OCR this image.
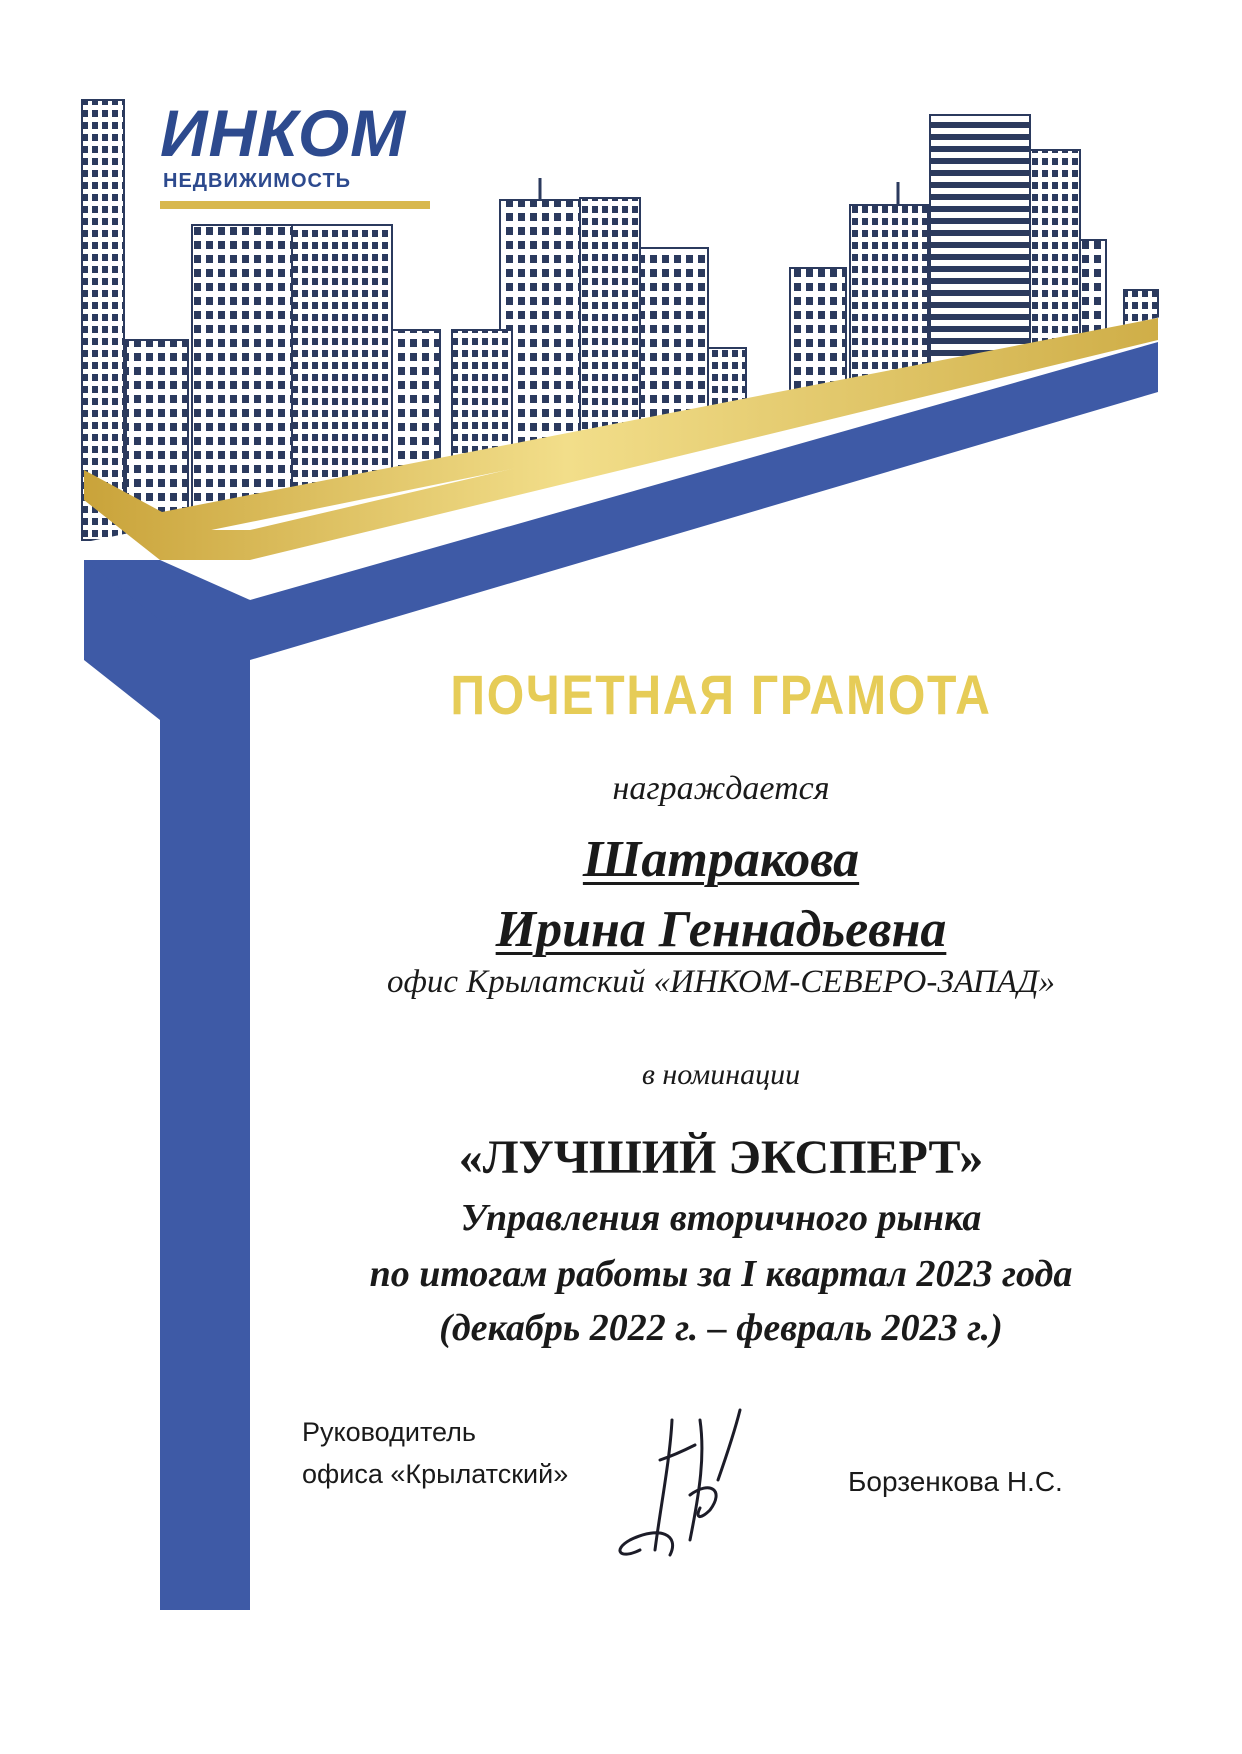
ИНКОМ
НЕДВИЖИМОСТЬ
ПОЧЕТНАЯ ГРАМОТА
награждается
Шатракова
Ирина Геннадьевна
офис Крылатский «ИНКОМ-СЕВЕРО-ЗАПАД»
в номинации
«ЛУЧШИЙ ЭКСПЕРТ»
Управления вторичного рынка
по итогам работы за I квартал 2023 года
(декабрь 2022 г. – февраль 2023 г.)
Руководитель
офиса «Крылатский»	Борзенкова Н.С.
